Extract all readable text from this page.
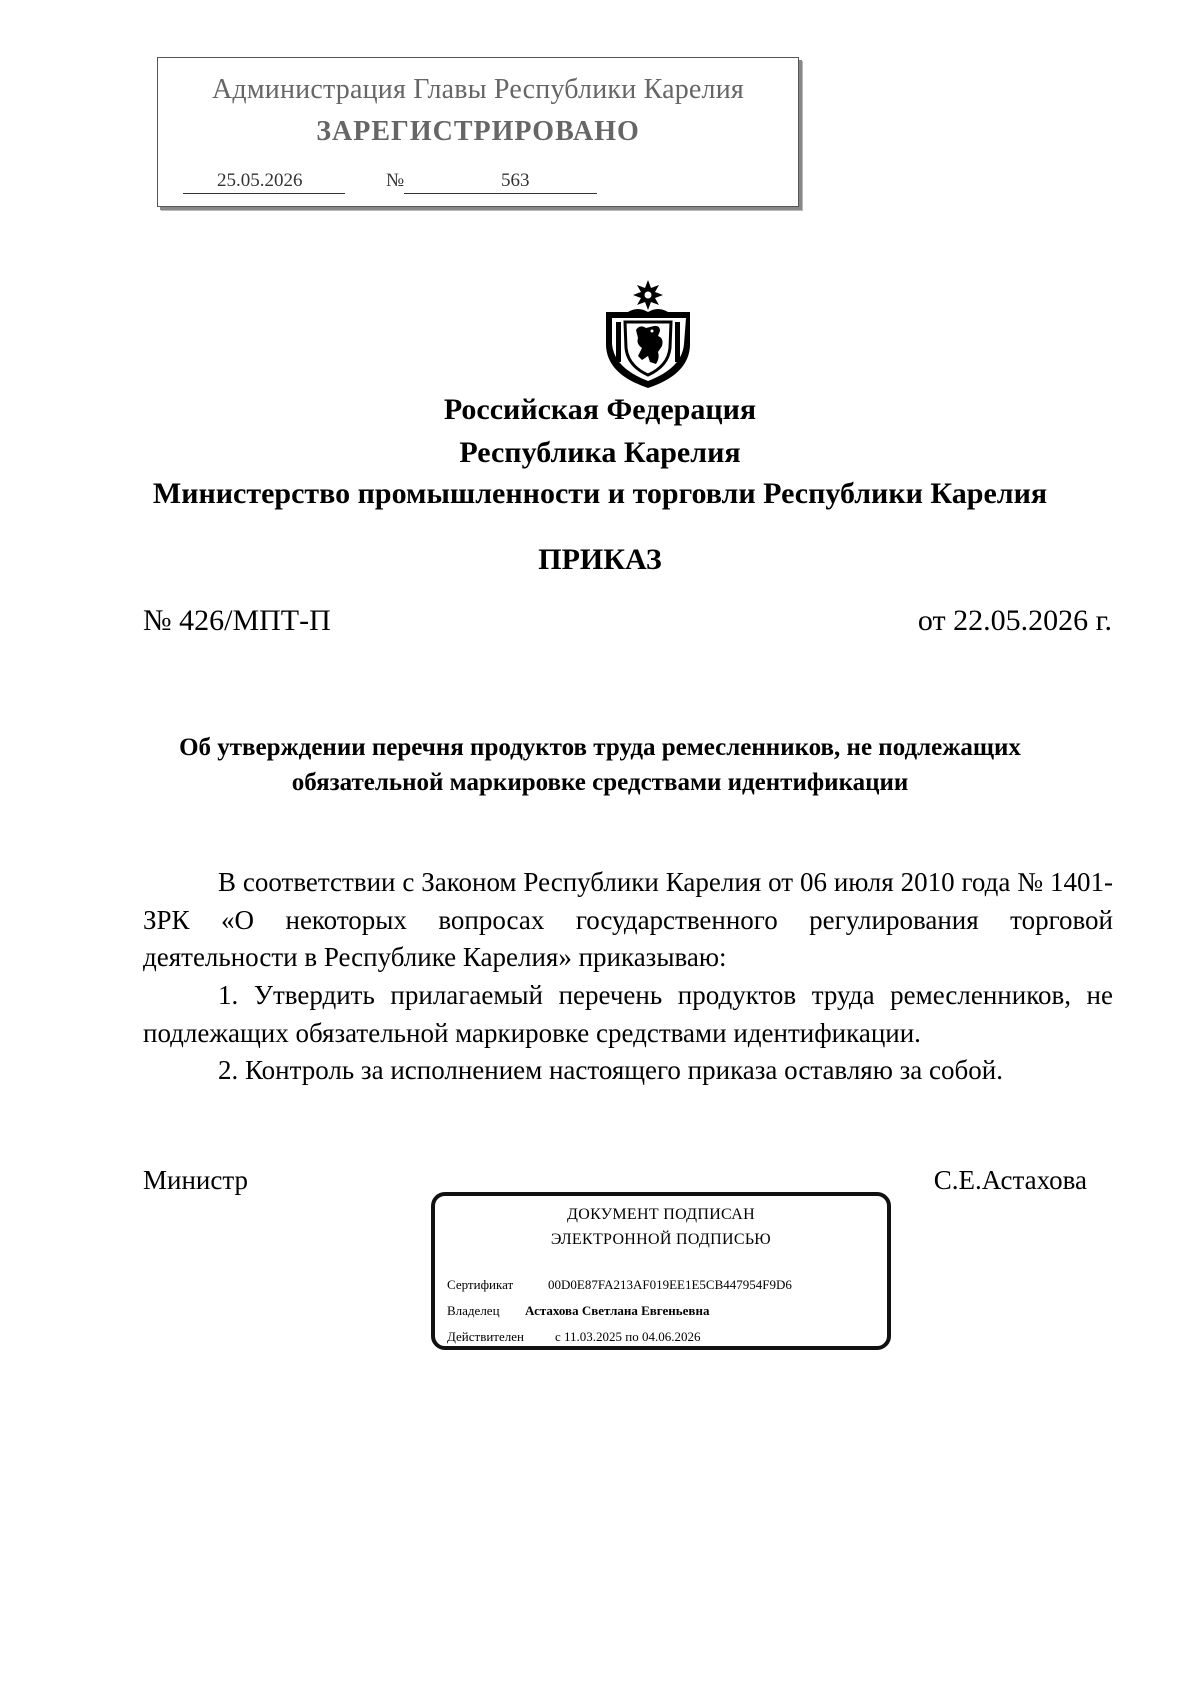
Администрация Главы Республики Карелия
ЗАРЕГИСТРИРОВАНО
25.05.2026	№	563
Российская Федерация
Республика Карелия
Министерство промышленности и торговли Республики Карелия
ПРИКАЗ
№ 426/МПТ-П	от 22.05.2026 г.
Об утверждении перечня продуктов труда ремесленников, не подлежащих обязательной маркировке средствами идентификации
В соответствии с Законом Республики Карелия от 06 июля 2010 года № 1401-ЗРК «О некоторых вопросах государственного регулирования торговой деятельности в Республике Карелия» приказываю:
1. Утвердить прилагаемый перечень продуктов труда ремесленников, не подлежащих обязательной маркировке средствами идентификации.
2. Контроль за исполнением настоящего приказа оставляю за собой.
Министр	С.Е.Астахова
ДОКУМЕНТ ПОДПИСАН
ЭЛЕКТРОННОЙ ПОДПИСЬЮ
Сертификат	00D0E87FA213AF019EE1E5CB447954F9D6
Владелец Астахова Светлана Евгеньевна
Действителен с 11.03.2025 по 04.06.2026
